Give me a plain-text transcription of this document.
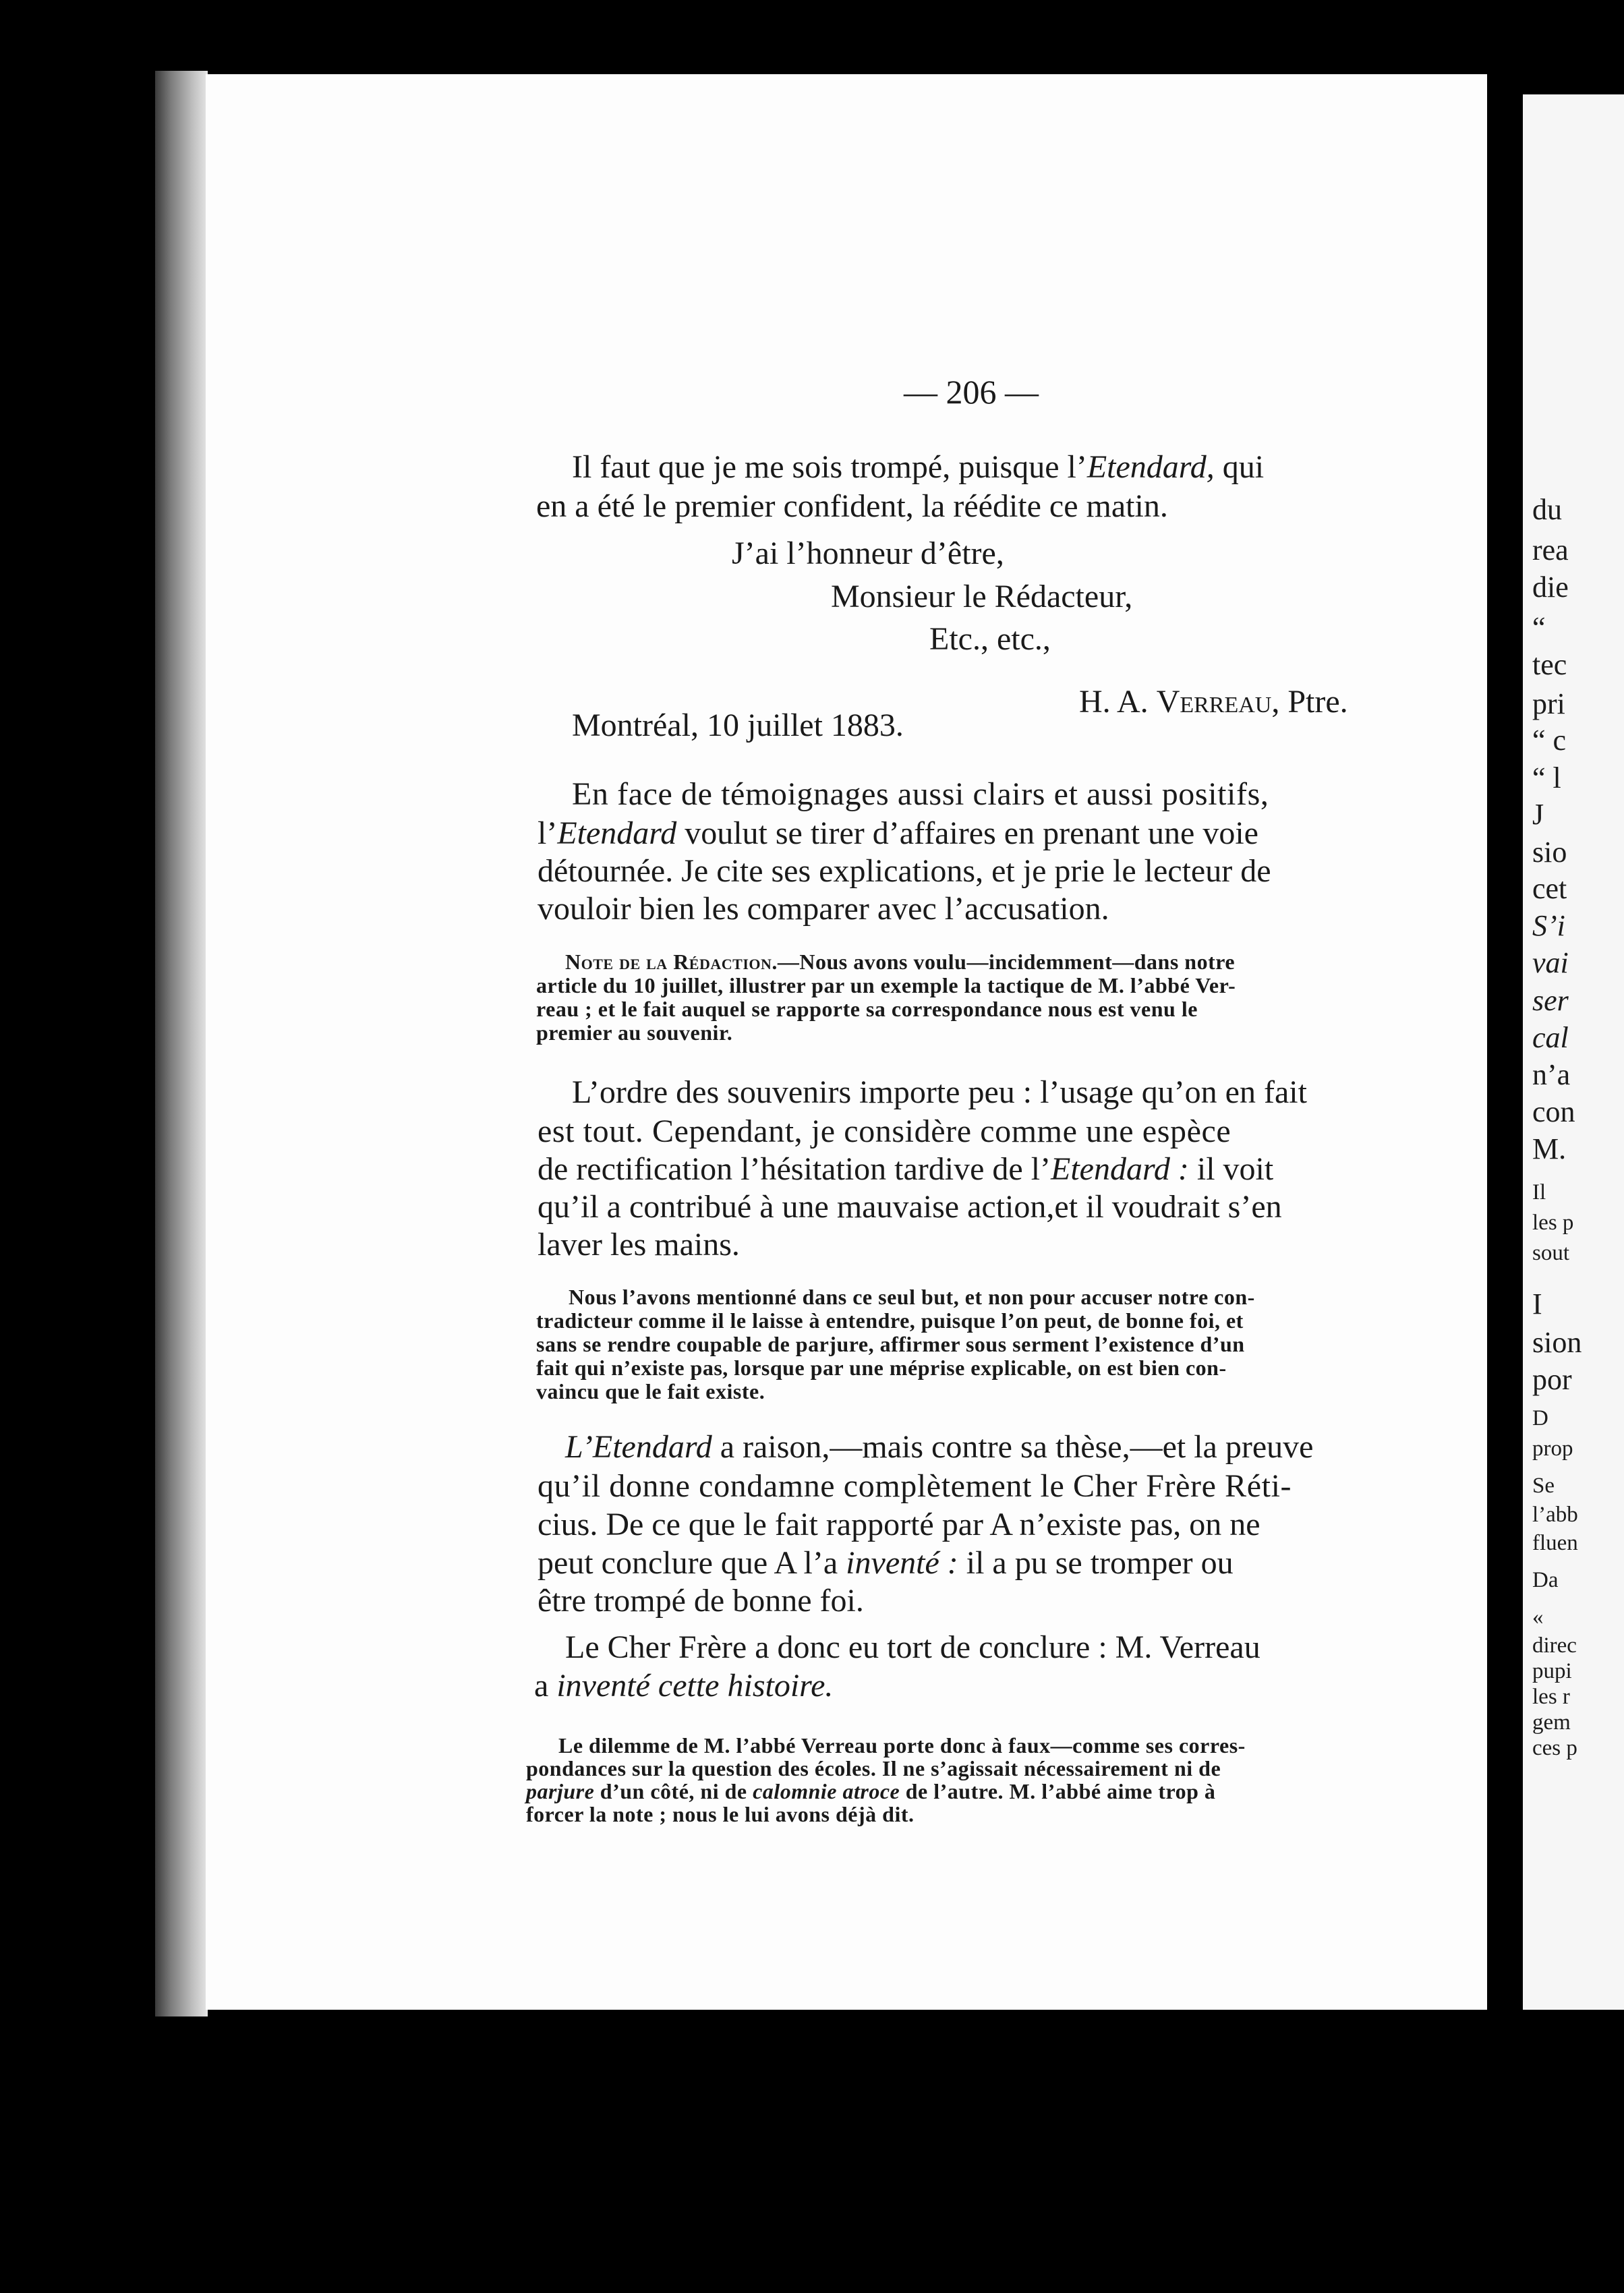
du
rea
die
“
tec
pri
“ c
“ l
J
sio
cet
S’i
vai
ser
cal
n’a
con
M.
Il
les p
sout
I
sion
por
D
prop
Se
l’abb
fluen
Da
«
direc
pupi
les r
gem
ces p
— 206 —
Il faut que je me sois trompé, puisque l’Etendard, qui
en a été le premier confident, la réédite ce matin.
J’ai l’honneur d’être,
Monsieur le Rédacteur,
Etc., etc.,
H. A. Verreau, Ptre.
Montréal, 10 juillet 1883.
En face de témoignages aussi clairs et aussi positifs,
l’Etendard voulut se tirer d’affaires en prenant une voie
détournée. Je cite ses explications, et je prie le lecteur de
vouloir bien les comparer avec l’accusation.
Note de la Rédaction.—Nous avons voulu—incidemment—dans notre
article du 10 juillet, illustrer par un exemple la tactique de M. l’abbé Ver-
reau ; et le fait auquel se rapporte sa correspondance nous est venu le
premier au souvenir.
L’ordre des souvenirs importe peu : l’usage qu’on en fait
est tout. Cependant, je considère comme une espèce
de rectification l’hésitation tardive de l’Etendard : il voit
qu’il a contribué à une mauvaise action,et il voudrait s’en
laver les mains.
Nous l’avons mentionné dans ce seul but, et non pour accuser notre con-
tradicteur comme il le laisse à entendre, puisque l’on peut, de bonne foi, et
sans se rendre coupable de parjure, affirmer sous serment l’existence d’un
fait qui n’existe pas, lorsque par une méprise explicable, on est bien con-
vaincu que le fait existe.
L’Etendard a raison,—mais contre sa thèse,—et la preuve
qu’il donne condamne complètement le Cher Frère Réti-
cius. De ce que le fait rapporté par A n’existe pas, on ne
peut conclure que A l’a inventé : il a pu se tromper ou
être trompé de bonne foi.
Le Cher Frère a donc eu tort de conclure : M. Verreau
a inventé cette histoire.
Le dilemme de M. l’abbé Verreau porte donc à faux—comme ses corres-
pondances sur la question des écoles. Il ne s’agissait nécessairement ni de
parjure d’un côté, ni de calomnie atroce de l’autre. M. l’abbé aime trop à
forcer la note ; nous le lui avons déjà dit.
